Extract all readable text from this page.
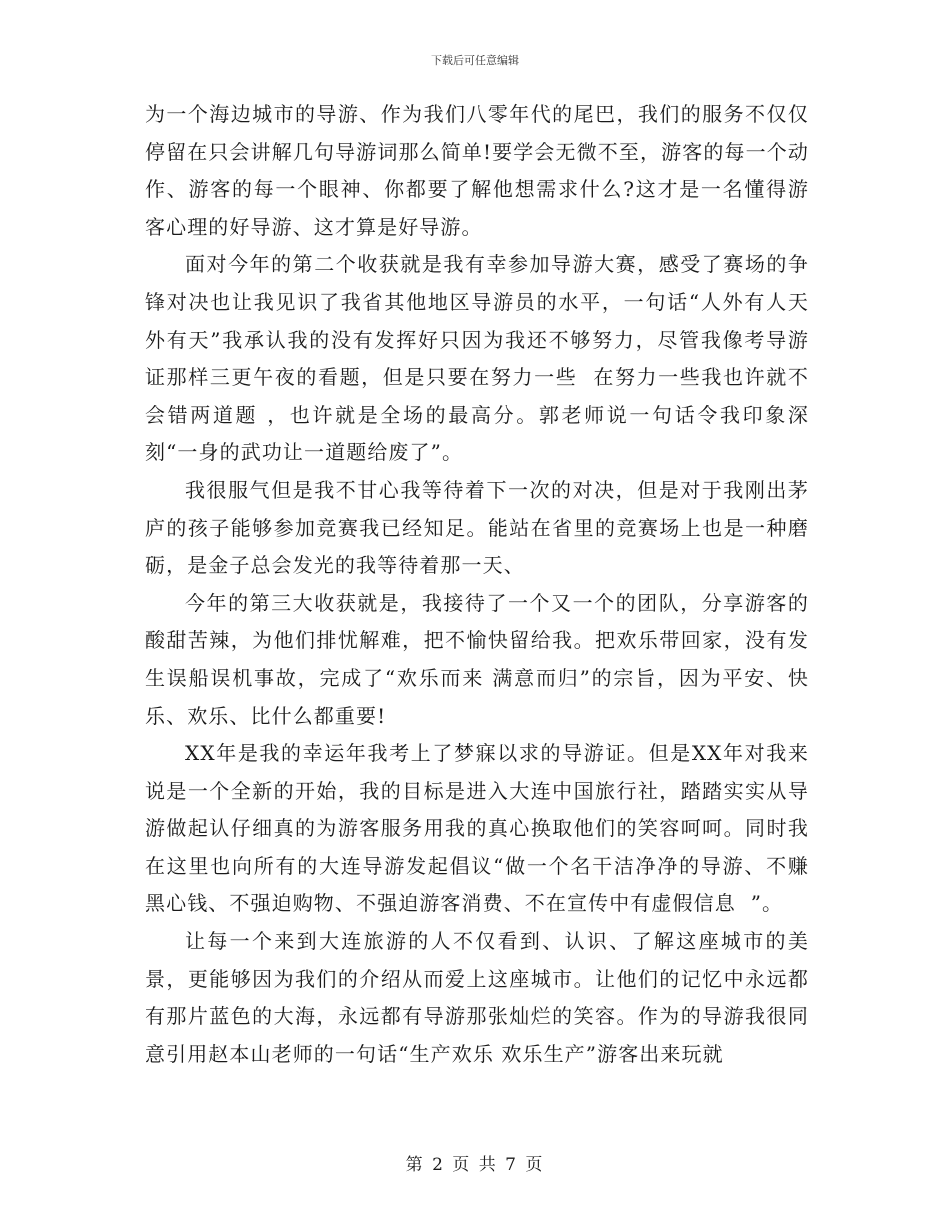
下载后可任意编辑

为一个海边城市的导游、作为我们八零年代的尾巴，我们的服务不仅仅停留在只会讲解几句导游词那么简单!要学会无微不至，游客的每一个动作、游客的每一个眼神、你都要了解他想需求什么?这才是一名懂得游客心理的好导游、这才算是好导游。

面对今年的第二个收获就是我有幸参加导游大赛，感受了赛场的争锋对决也让我见识了我省其他地区导游员的水平，一句话“人外有人天外有天”我承认我的没有发挥好只因为我还不够努力，尽管我像考导游证那样三更午夜的看题，但是只要在努力一些  在努力一些我也许就不会错两道题 ，也许就是全场的最高分。郭老师说一句话令我印象深刻“一身的武功让一道题给废了”。

我很服气但是我不甘心我等待着下一次的对决，但是对于我刚出茅庐的孩子能够参加竞赛我已经知足。能站在省里的竞赛场上也是一种磨砺，是金子总会发光的我等待着那一天、

今年的第三大收获就是，我接待了一个又一个的团队，分享游客的酸甜苦辣，为他们排忧解难，把不愉快留给我。把欢乐带回家，没有发生误船误机事故，完成了“欢乐而来 满意而归”的宗旨，因为平安、快乐、欢乐、比什么都重要!

XX年是我的幸运年我考上了梦寐以求的导游证。但是XX年对我来说是一个全新的开始，我的目标是进入大连中国旅行社，踏踏实实从导游做起认仔细真的为游客服务用我的真心换取他们的笑容呵呵。同时我在这里也向所有的大连导游发起倡议“做一个名干洁净净的导游、不赚黑心钱、不强迫购物、不强迫游客消费、不在宣传中有虚假信息  ”。

让每一个来到大连旅游的人不仅看到、认识、了解这座城市的美景，更能够因为我们的介绍从而爱上这座城市。让他们的记忆中永远都有那片蓝色的大海，永远都有导游那张灿烂的笑容。作为的导游我很同意引用赵本山老师的一句话“生产欢乐 欢乐生产”游客出来玩就

第 2 页 共 7 页
